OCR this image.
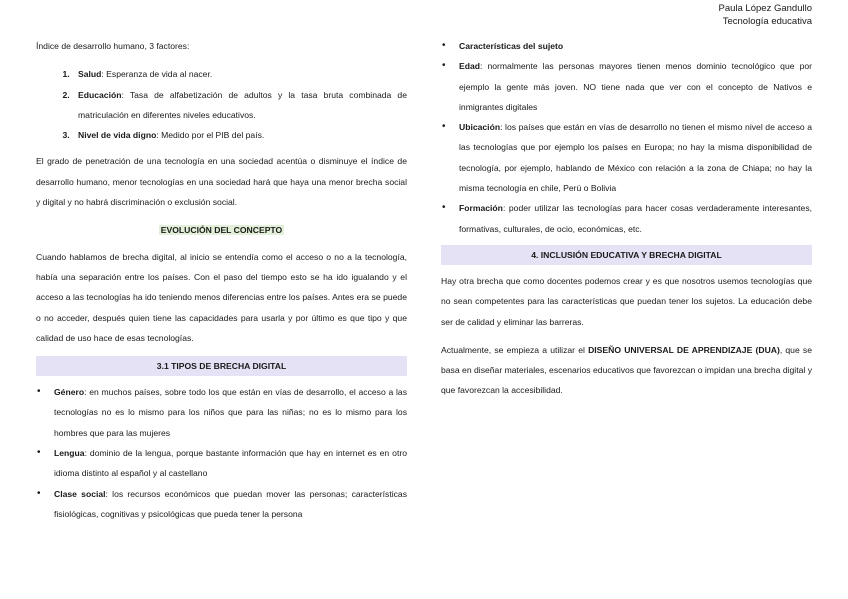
Paula López Gandullo
Tecnología educativa

Índice de desarrollo humano, 3 factores:

1. Salud: Esperanza de vida al nacer.
2. Educación: Tasa de alfabetización de adultos y la tasa bruta combinada de matriculación en diferentes niveles educativos.
3. Nivel de vida digno: Medido por el PIB del país.

El grado de penetración de una tecnología en una sociedad acentúa o disminuye el índice de desarrollo humano, menor tecnologías en una sociedad hará que haya una menor brecha social y digital y no habrá discriminación o exclusión social.

EVOLUCIÓN DEL CONCEPTO

Cuando hablamos de brecha digital, al inicio se entendía como el acceso o no a la tecnología, había una separación entre los países. Con el paso del tiempo esto se ha ido igualando y el acceso a las tecnologías ha ido teniendo menos diferencias entre los países. Antes era se puede o no acceder, después quien tiene las capacidades para usarla y por último es que tipo y que calidad de uso hace de esas tecnologías.

3.1 TIPOS DE BRECHA DIGITAL
• Género: en muchos países, sobre todo los que están en vías de desarrollo, el acceso a las tecnologías no es lo mismo para los niños que para las niñas; no es lo mismo para los hombres que para las mujeres
• Lengua: dominio de la lengua, porque bastante información que hay en internet es en otro idioma distinto al español y al castellano
• Clase social: los recursos económicos que puedan mover las personas; características fisiológicas, cognitivas y psicológicas que pueda tener la persona
• Características del sujeto
• Edad: normalmente las personas mayores tienen menos dominio tecnológico que por ejemplo la gente más joven. NO tiene nada que ver con el concepto de Nativos e inmigrantes digitales
• Ubicación: los países que están en vías de desarrollo no tienen el mismo nivel de acceso a las tecnologías que por ejemplo los países en Europa; no hay la misma disponibilidad de tecnología, por ejemplo, hablando de México con relación a la zona de Chiapa; no hay la misma tecnología en chile, Perú o Bolivia
• Formación: poder utilizar las tecnologías para hacer cosas verdaderamente interesantes, formativas, culturales, de ocio, económicas, etc.
4. INCLUSIÓN EDUCATIVA Y BRECHA DIGITAL

Hay otra brecha que como docentes podemos crear y es que nosotros usemos tecnologías que no sean competentes para las características que puedan tener los sujetos. La educación debe ser de calidad y eliminar las barreras.

Actualmente, se empieza a utilizar el DISEÑO UNIVERSAL DE APRENDIZAJE (DUA), que se basa en diseñar materiales, escenarios educativos que favorezcan o impidan una brecha digital y que favorezcan la accesibilidad.
